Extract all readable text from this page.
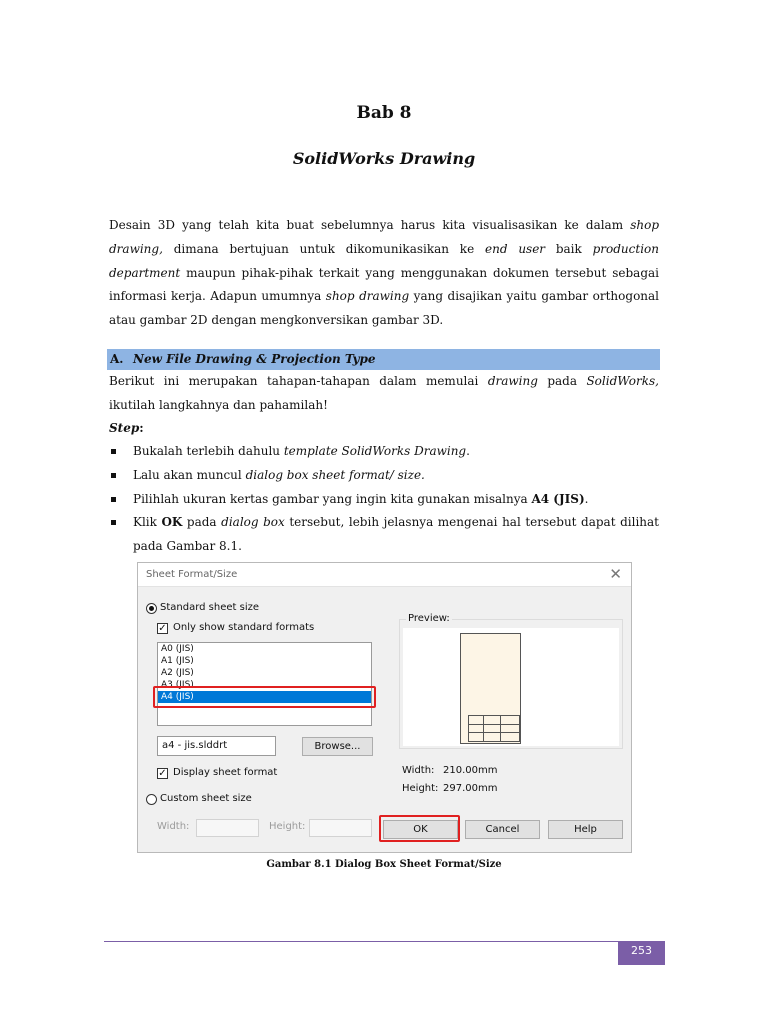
Bab 8
SolidWorks Drawing

Desain 3D yang telah kita buat sebelumnya harus kita visualisasikan ke dalam shop drawing, dimana bertujuan untuk dikomunikasikan ke end user baik production department maupun pihak-pihak terkait yang menggunakan dokumen tersebut sebagai informasi kerja. Adapun umumnya shop drawing yang disajikan yaitu gambar orthogonal atau gambar 2D dengan mengkonversikan gambar 3D.

A. New File Drawing & Projection Type

Berikut ini merupakan tahapan-tahapan dalam memulai drawing pada SolidWorks, ikutilah langkahnya dan pahamilah!

Step:
Bukalah terlebih dahulu template SolidWorks Drawing.
Lalu akan muncul dialog box sheet format/ size.
Pilihlah ukuran kertas gambar yang ingin kita gunakan misalnya A4 (JIS).
Klik OK pada dialog box tersebut, lebih jelasnya mengenai hal tersebut dapat dilihat pada Gambar 8.1.
Sheet Format/Size	✕
Standard sheet size
✓ Only show standard formats
A0 (JIS)
A1 (JIS)
A2 (JIS)
A3 (JIS)
A4 (JIS)
a4 - jis.slddrt	Browse...
✓ Display sheet format
Custom sheet size
Width:	Height:
Preview:
Width: 210.00mm
Height: 297.00mm
OK	Cancel	Help
Gambar 8.1 Dialog Box Sheet Format/Size
253
